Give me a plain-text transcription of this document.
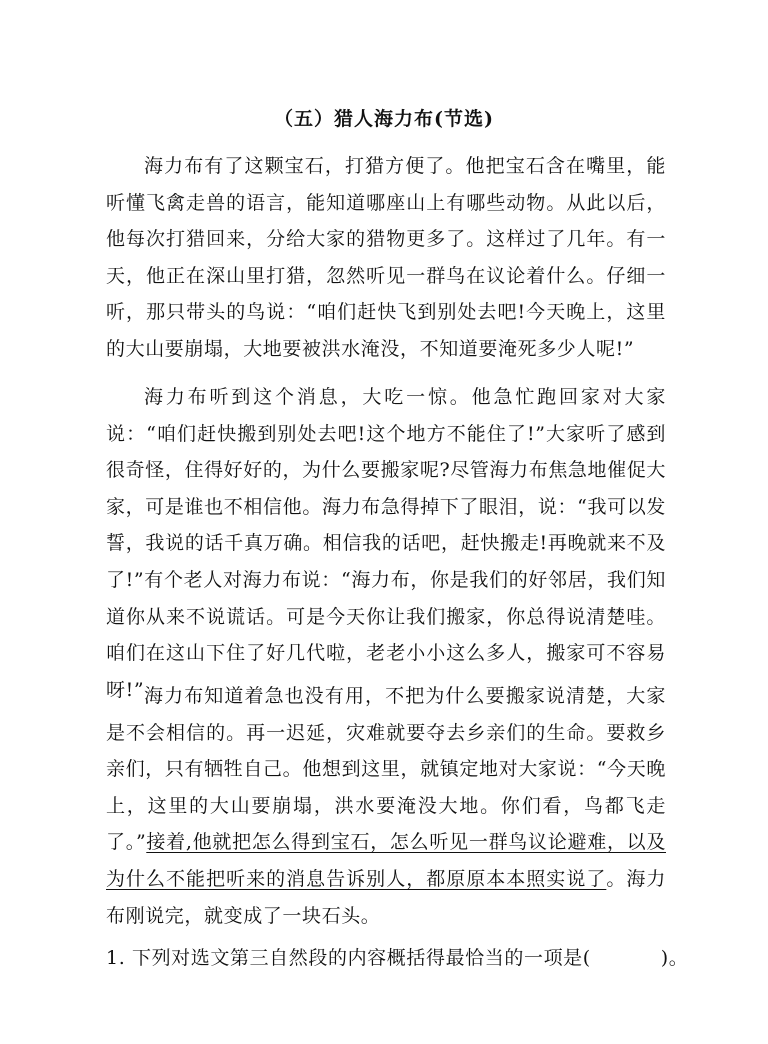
（五）猎人海力布(节选)

海力布有了这颗宝石，打猎方便了。他把宝石含在嘴里，能听懂飞禽走兽的语言，能知道哪座山上有哪些动物。从此以后，他每次打猎回来，分给大家的猎物更多了。这样过了几年。有一天，他正在深山里打猎，忽然听见一群鸟在议论着什么。仔细一听，那只带头的鸟说：“咱们赶快飞到别处去吧!今天晚上，这里的大山要崩塌，大地要被洪水淹没，不知道要淹死多少人呢!”

海力布听到这个消息，大吃一惊。他急忙跑回家对大家说：“咱们赶快搬到别处去吧!这个地方不能住了!”大家听了感到很奇怪，住得好好的，为什么要搬家呢?尽管海力布焦急地催促大家，可是谁也不相信他。海力布急得掉下了眼泪，说：“我可以发誓，我说的话千真万确。相信我的话吧，赶快搬走!再晚就来不及了!”有个老人对海力布说：“海力布，你是我们的好邻居，我们知道你从来不说谎话。可是今天你让我们搬家，你总得说清楚哇。咱们在这山下住了好几代啦，老老小小这么多人，搬家可不容易呀!” 海力布知道着急也没有用，不把为什么要搬家说清楚，大家是不会相信的。再一迟延，灾难就要夺去乡亲们的生命。要救乡亲们，只有牺牲自己。他想到这里，就镇定地对大家说：“今天晚上，这里的大山要崩塌，洪水要淹没大地。你们看，鸟都飞走了。”接着,他就把怎么得到宝石，怎么听见一群鸟议论避难，以及为什么不能把听来的消息告诉别人，都原原本本照实说了。海力布刚说完，就变成了一块石头。

1. 下列对选文第三自然段的内容概括得最恰当的一项是(	)。
